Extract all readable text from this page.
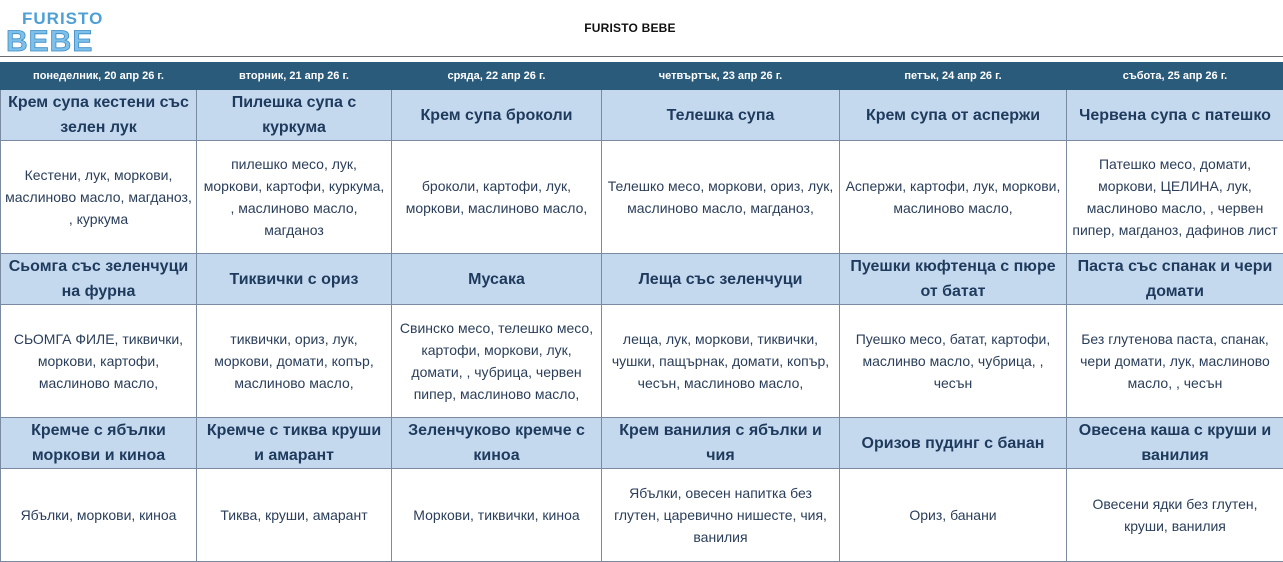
FURISTO
BEBE	FURISTO BEBE
понеделник, 20 апр 26 г.	вторник, 21 апр 26 г.	сряда, 22 апр 26 г.	четвъртък, 23 апр 26 г.	петък, 24 апр 26 г.	събота, 25 апр 26 г.
Крем супа кестени със зелен лук	Пилешка супа с куркума	Крем супа броколи	Телешка супа	Крем супа от аспержи	Червена супа с патешко
Кестени, лук, моркови, маслиново масло, магданоз, , куркума	пилешко месо, лук, моркови, картофи, куркума, , маслиново масло, магданоз	броколи, картофи, лук, моркови, маслиново масло,	Телешко месо, моркови, ориз, лук, маслиново масло, магданоз,	Аспержи, картофи, лук, моркови, маслиново масло,	Патешко месо, домати, моркови, ЦЕЛИНА, лук, маслиново масло, , червен пипер, магданоз, дафинов лист
Сьомга със зеленчуци на фурна	Тиквички с ориз	Мусака	Леща със зеленчуци	Пуешки кюфтенца с пюре от батат	Паста със спанак и чери домати
СЬОМГА ФИЛЕ, тиквички, моркови, картофи, маслиново масло,	тиквички, ориз, лук, моркови, домати, копър, маслиново масло,	Свинско месо, телешко месо, картофи, моркови, лук, домати, , чубрица, червен пипер, маслиново масло,	леща, лук, моркови, тиквички, чушки, пащърнак, домати, копър, чесън, маслиново масло,	Пуешко месо, батат, картофи, маслинво масло, чубрица, , чесън	Без глутенова паста, спанак, чери домати, лук, маслиново масло, , чесън
Кремче с ябълки моркови и киноа	Кремче с тиква круши и амарант	Зеленчуково кремче с киноа	Крем ванилия с ябълки и чия	Оризов пудинг с банан	Овесена каша с круши и ванилия
Ябълки, моркови, киноа	Тиква, круши, амарант	Моркови, тиквички, киноа	Ябълки, овесен напитка без глутен, царевично нишесте, чия, ванилия	Ориз, банани	Овесени ядки без глутен, круши, ванилия
